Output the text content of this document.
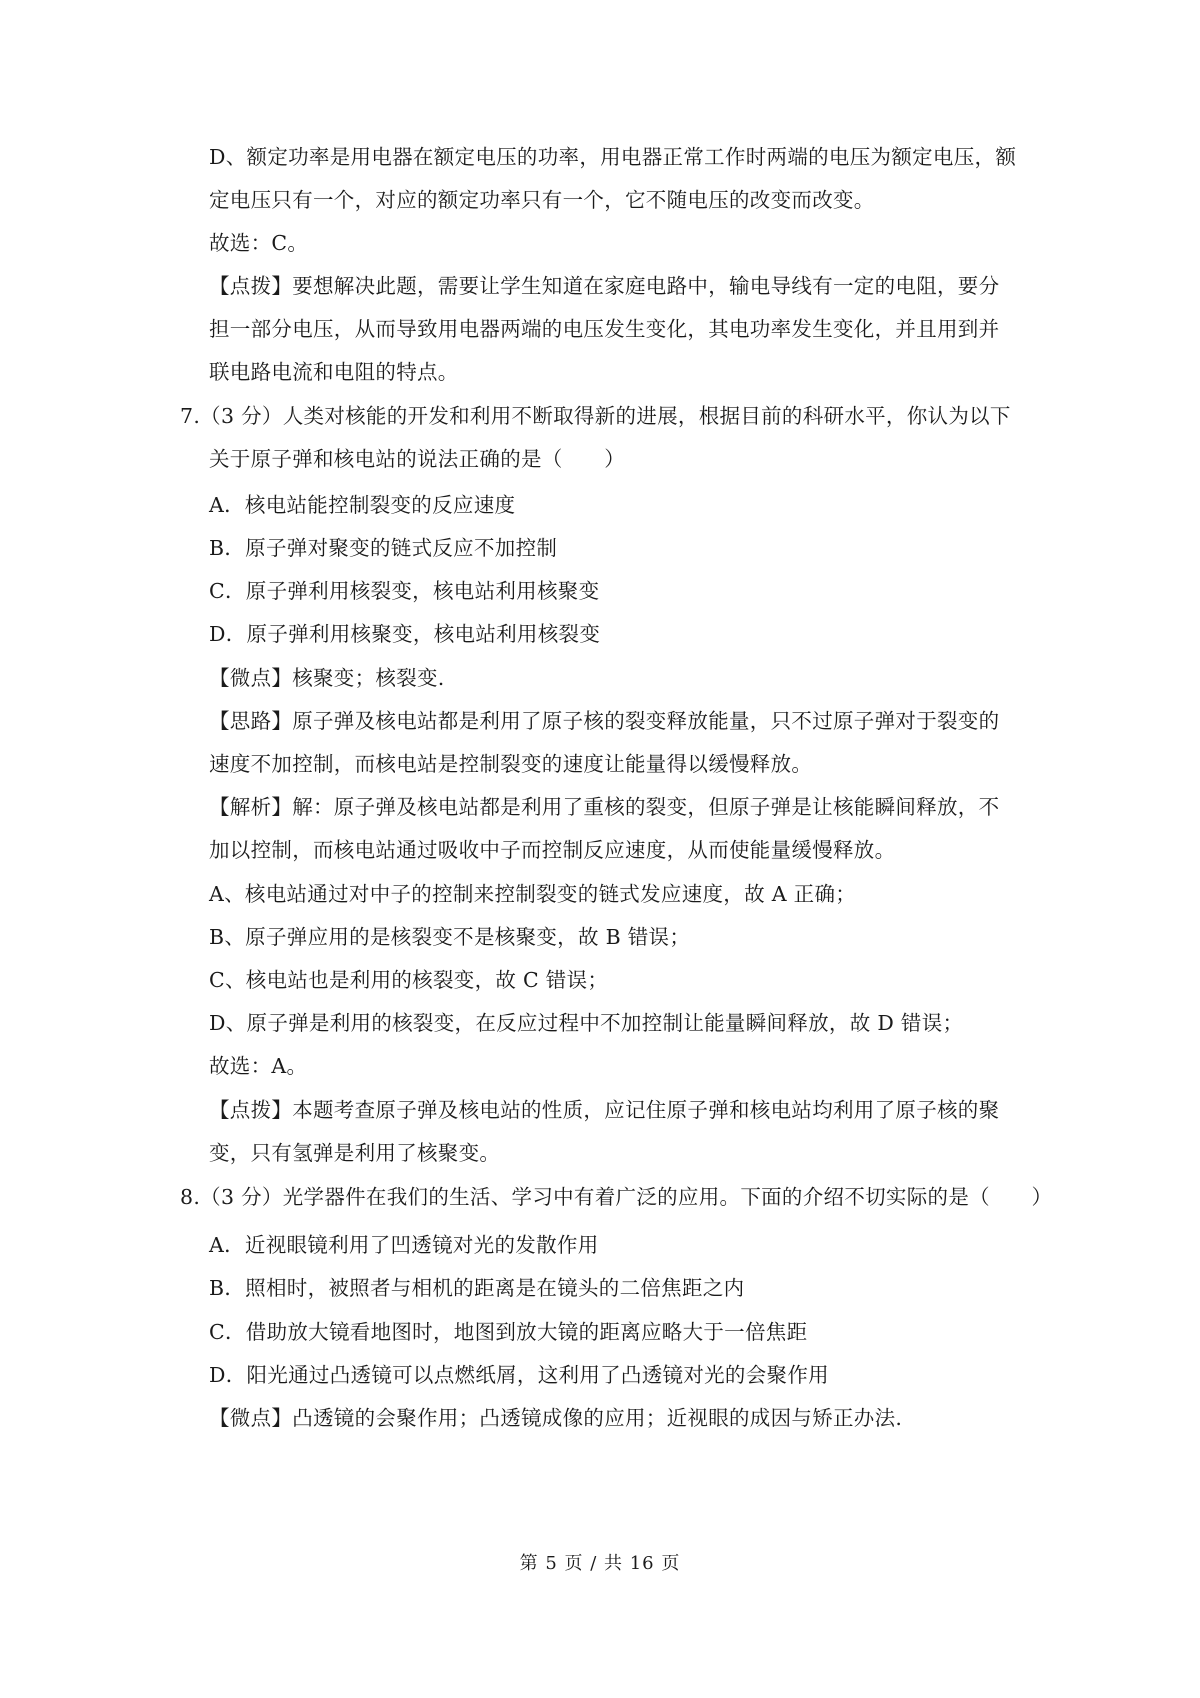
D、额定功率是用电器在额定电压的功率，用电器正常工作时两端的电压为额定电压，额
定电压只有一个，对应的额定功率只有一个，它不随电压的改变而改变。
故选：C。
【点拨】要想解决此题，需要让学生知道在家庭电路中，输电导线有一定的电阻，要分
担一部分电压，从而导致用电器两端的电压发生变化，其电功率发生变化，并且用到并
联电路电流和电阻的特点。
7.（3 分）人类对核能的开发和利用不断取得新的进展，根据目前的科研水平，你认为以下
关于原子弹和核电站的说法正确的是（　　）
A．核电站能控制裂变的反应速度
B．原子弹对聚变的链式反应不加控制
C．原子弹利用核裂变，核电站利用核聚变
D．原子弹利用核聚变，核电站利用核裂变
【微点】核聚变；核裂变.
【思路】原子弹及核电站都是利用了原子核的裂变释放能量，只不过原子弹对于裂变的
速度不加控制，而核电站是控制裂变的速度让能量得以缓慢释放。
【解析】解：原子弹及核电站都是利用了重核的裂变，但原子弹是让核能瞬间释放，不
加以控制，而核电站通过吸收中子而控制反应速度，从而使能量缓慢释放。
A、核电站通过对中子的控制来控制裂变的链式发应速度，故 A 正确；
B、原子弹应用的是核裂变不是核聚变，故 B 错误；
C、核电站也是利用的核裂变，故 C 错误；
D、原子弹是利用的核裂变，在反应过程中不加控制让能量瞬间释放，故 D 错误；
故选：A。
【点拨】本题考查原子弹及核电站的性质，应记住原子弹和核电站均利用了原子核的聚
变，只有氢弹是利用了核聚变。
8.（3 分）光学器件在我们的生活、学习中有着广泛的应用。下面的介绍不切实际的是（　　）
A．近视眼镜利用了凹透镜对光的发散作用
B．照相时，被照者与相机的距离是在镜头的二倍焦距之内
C．借助放大镜看地图时，地图到放大镜的距离应略大于一倍焦距
D．阳光通过凸透镜可以点燃纸屑，这利用了凸透镜对光的会聚作用
【微点】凸透镜的会聚作用；凸透镜成像的应用；近视眼的成因与矫正办法.
第 5 页 / 共 16 页
